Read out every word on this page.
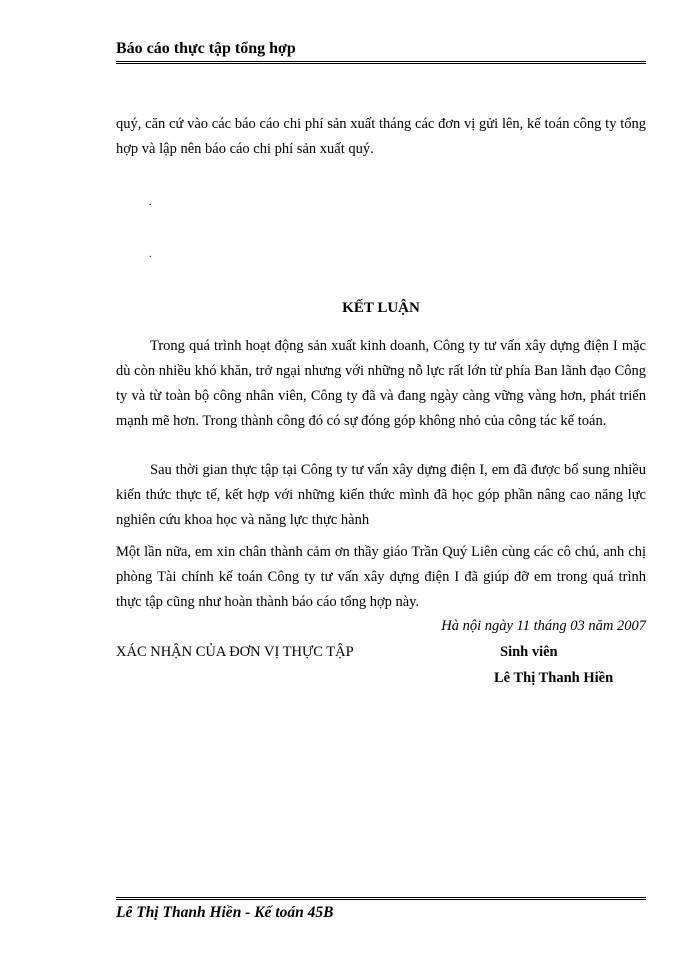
Báo cáo thực tập tổng hợp
quý, căn cứ vào các báo cáo chi phí sản xuất tháng các đơn vị gửi lên, kế toán công ty tổng hợp và lập nên báo cáo chi phí sản xuất quý.
.
.
KẾT LUẬN
Trong quá trình hoạt động sản xuất kinh doanh, Công ty tư vấn xây dựng điện I mặc dù còn nhiều khó khăn, trở ngại nhưng với những nỗ lực rất lớn từ phía Ban lãnh đạo Công ty và từ toàn bộ công nhân viên, Công ty đã và đang ngày càng vững vàng hơn, phát triển mạnh mẽ hơn. Trong thành công đó có sự đóng góp không nhỏ của công tác kế toán.
Sau thời gian thực tập tại Công ty tư vấn xây dựng điện I, em đã được bổ sung nhiều kiến thức thực tế, kết hợp với những kiến thức mình đã học góp phần nâng cao năng lực nghiên cứu khoa học và năng lực thực hành
Một lần nữa, em xin chân thành cảm ơn thầy giáo Trần Quý Liên cùng các cô chú, anh chị phòng Tài chính kế toán Công ty tư vấn xây dựng điện I đã giúp đỡ em trong quá trình thực tập cũng như hoàn thành báo cáo tổng hợp này.
Hà nội ngày 11 tháng 03 năm 2007
XÁC NHẬN CỦA ĐƠN VỊ THỰC TẬP	Sinh viên
Lê Thị Thanh Hiền
Lê Thị Thanh Hiền - Kế toán 45B
